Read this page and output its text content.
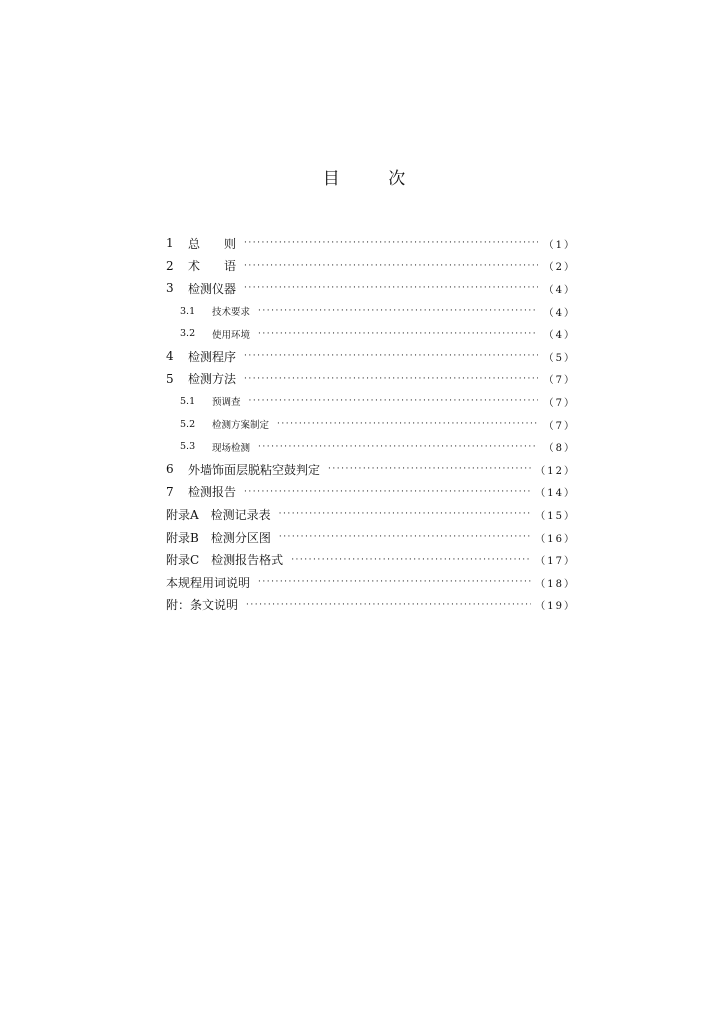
目	次
1	总　　则 ·····	（1）
2	术　　语 ·····	（2）
3	检测仪器 ·····	（4）
3.1	技术要求 ·····	（4）
3.2	使用环境 ·····	（4）
4	检测程序 ·····	（5）
5	检测方法 ·····	（7）
5.1	预调查 ·····	（7）
5.2	检测方案制定 ·····	（7）
5.3	现场检测 ·····	（8）
6	外墙饰面层脱粘空鼓判定 ·····	（12）
7	检测报告 ·····	（14）
附录A　检测记录表 ·····	（15）
附录B　检测分区图 ·····	（16）
附录C　检测报告格式 ·····	（17）
本规程用词说明 ·····	（18）
附：条文说明 ·····	（19）
